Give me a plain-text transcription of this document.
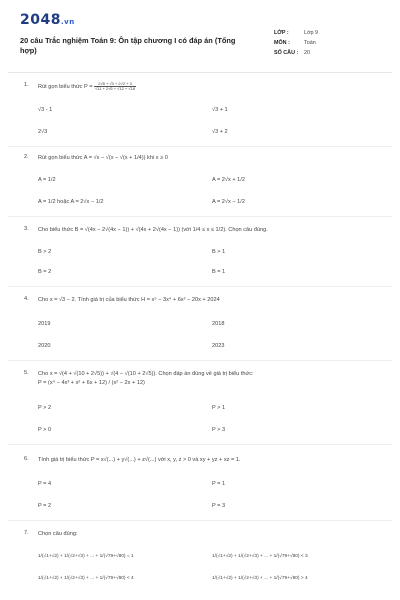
2048.vn
20 câu Trắc nghiệm Toán 9: Ôn tập chương I có đáp án (Tổng hợp)
LỚP :	Lớp 9
MÔN :	Toán
SỐ CÂU :	20
1. Rút gọn biểu thức $P = \frac{2√8 + √3 + 2√2 + 3}{√11 + 2√6 + √12 + √18}$
√3 - 1	√3 + 1
2√3	√3 + 2
2. Rút gọn biểu thức A = √x − √(x − √(x + 1/4)) khi x ≥ 0
A = 1/2	A = 2√x + 1/2
A = 1/2 hoặc A = 2√x − 1/2	A = 2√x − 1/2
3. Cho biểu thức B = √(4x − 2√(4x − 1)) + √(4x + 2√(4x − 1)) (với 1/4 ≤ x ≤ 1/2). Chọn câu đúng.
B > 2	B > 1
B = 2	B = 1
4. Cho x = √3 − 2. Tính giá trị của biểu thức H = x⁵ − 3x⁴ + 6x² − 20x + 2024
2019	2018
2020	2023
5. Cho x = √(4 + √(10 + 2√5)) + √(4 − √(10 + 2√5)). Chọn đáp án đúng về giá trị biểu thức:
P = (x⁴ − 4x³ + x² + 6x + 12) / (x² − 2x + 12)
P > 2	P > 1
P > 0	P > 3
6. Tính giá trị biểu thức P = x√(...) + y√(...) + z√(...) với x, y, z > 0 và xy + yz + xz = 1.
P = 4	P = 1
P = 2	P = 3
7. Chọn câu đúng:
1/(√1+√2) + 1/(√2+√3) + ... + 1/(√79+√80) = 1	1/(√1+√2) + 1/(√2+√3) + ... + 1/(√79+√80) < 3
1/(√1+√2) + 1/(√2+√3) + ... + 1/(√79+√80) < 4	1/(√1+√2) + 1/(√2+√3) + ... + 1/(√79+√80) > 4
